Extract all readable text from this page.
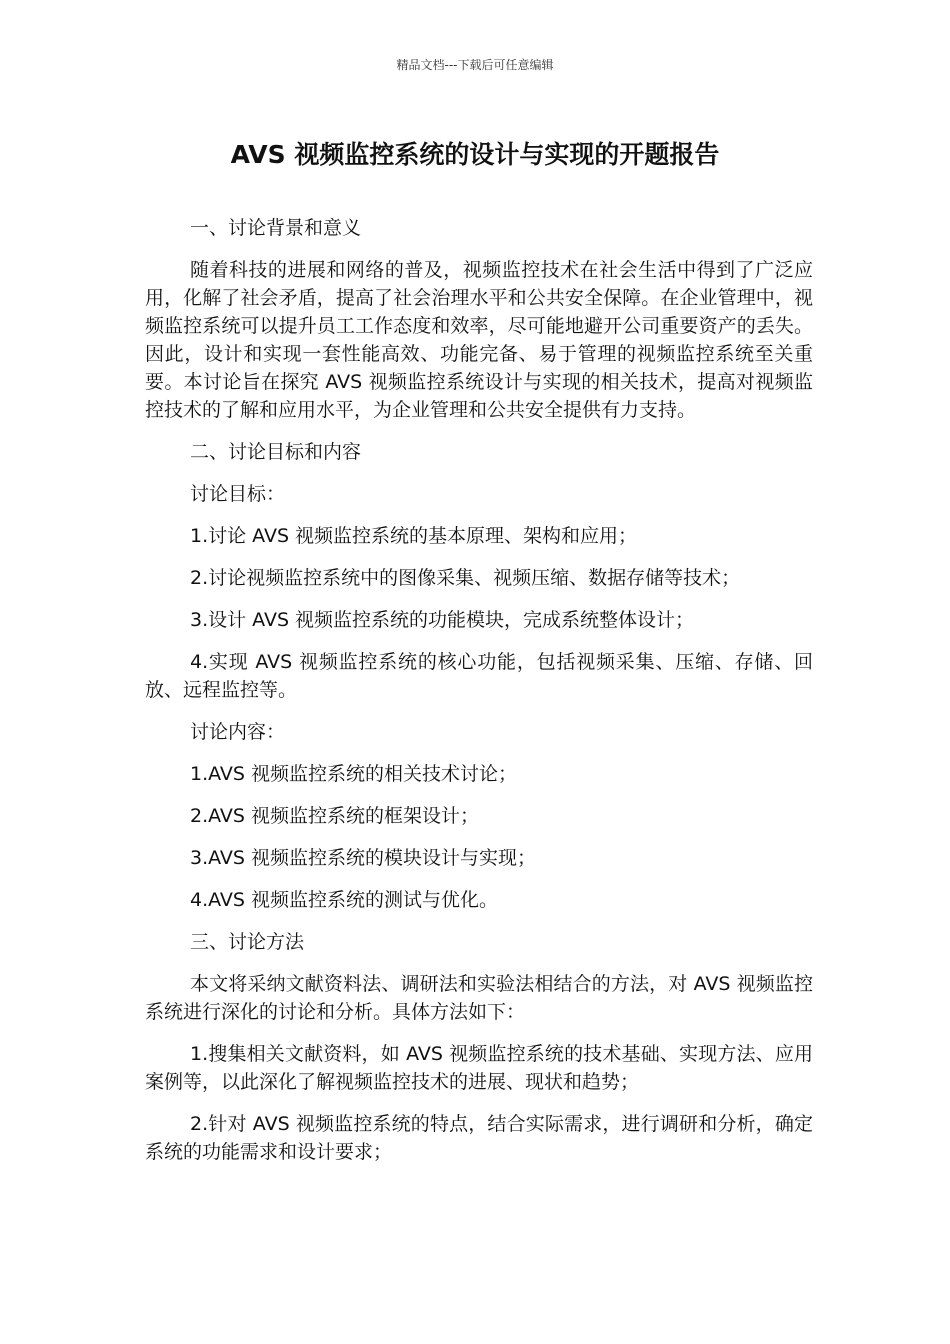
精品文档---下载后可任意编辑
AVS 视频监控系统的设计与实现的开题报告

一、讨论背景和意义

随着科技的进展和网络的普及，视频监控技术在社会生活中得到了广泛应用，化解了社会矛盾，提高了社会治理水平和公共安全保障。在企业管理中，视频监控系统可以提升员工工作态度和效率，尽可能地避开公司重要资产的丢失。因此，设计和实现一套性能高效、功能完备、易于管理的视频监控系统至关重要。本讨论旨在探究 AVS 视频监控系统设计与实现的相关技术，提高对视频监控技术的了解和应用水平，为企业管理和公共安全提供有力支持。

二、讨论目标和内容

讨论目标：

1.讨论 AVS 视频监控系统的基本原理、架构和应用；

2.讨论视频监控系统中的图像采集、视频压缩、数据存储等技术；

3.设计 AVS 视频监控系统的功能模块，完成系统整体设计；

4.实现 AVS 视频监控系统的核心功能，包括视频采集、压缩、存储、回放、远程监控等。

讨论内容：

1.AVS 视频监控系统的相关技术讨论；

2.AVS 视频监控系统的框架设计；

3.AVS 视频监控系统的模块设计与实现；

4.AVS 视频监控系统的测试与优化。

三、讨论方法

本文将采纳文献资料法、调研法和实验法相结合的方法，对 AVS 视频监控系统进行深化的讨论和分析。具体方法如下：

1.搜集相关文献资料，如 AVS 视频监控系统的技术基础、实现方法、应用案例等，以此深化了解视频监控技术的进展、现状和趋势；

2.针对 AVS 视频监控系统的特点，结合实际需求，进行调研和分析，确定系统的功能需求和设计要求；
